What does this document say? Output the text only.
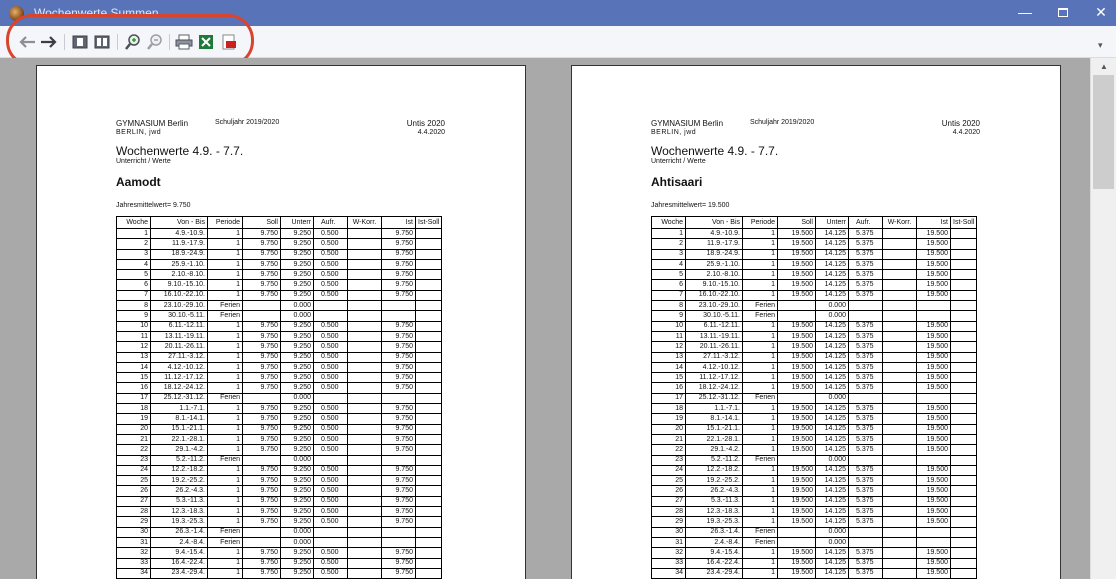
Wochenwerte Summen	—	✕
▾
GYMNASIUM Berlin
BERLIN, jwd
Schuljahr 2019/2020	Untis 2020
4.4.2020
Wochenwerte 4.9. - 7.7.
Unterricht / Werte
Aamodt
Jahresmittelwert= 9.750
Woche	Von - Bis	Periode	Soll	Unterr	Aufr.	W-Korr.	Ist	Ist-Soll
1	4.9.-10.9.	1	9.750	9.250	0.500		9.750	
2	11.9.-17.9.	1	9.750	9.250	0.500		9.750	
3	18.9.-24.9.	1	9.750	9.250	0.500		9.750	
4	25.9.-1.10.	1	9.750	9.250	0.500		9.750	
5	2.10.-8.10.	1	9.750	9.250	0.500		9.750	
6	9.10.-15.10.	1	9.750	9.250	0.500		9.750	
7	16.10.-22.10.	1	9.750	9.250	0.500		9.750	
8	23.10.-29.10.	Ferien		0.000				
9	30.10.-5.11.	Ferien		0.000				
10	6.11.-12.11.	1	9.750	9.250	0.500		9.750	
11	13.11.-19.11.	1	9.750	9.250	0.500		9.750	
12	20.11.-26.11.	1	9.750	9.250	0.500		9.750	
13	27.11.-3.12.	1	9.750	9.250	0.500		9.750	
14	4.12.-10.12.	1	9.750	9.250	0.500		9.750	
15	11.12.-17.12.	1	9.750	9.250	0.500		9.750	
16	18.12.-24.12.	1	9.750	9.250	0.500		9.750	
17	25.12.-31.12.	Ferien		0.000				
18	1.1.-7.1.	1	9.750	9.250	0.500		9.750	
19	8.1.-14.1.	1	9.750	9.250	0.500		9.750	
20	15.1.-21.1.	1	9.750	9.250	0.500		9.750	
21	22.1.-28.1.	1	9.750	9.250	0.500		9.750	
22	29.1.-4.2.	1	9.750	9.250	0.500		9.750	
23	5.2.-11.2.	Ferien		0.000				
24	12.2.-18.2.	1	9.750	9.250	0.500		9.750	
25	19.2.-25.2.	1	9.750	9.250	0.500		9.750	
26	26.2.-4.3.	1	9.750	9.250	0.500		9.750	
27	5.3.-11.3.	1	9.750	9.250	0.500		9.750	
28	12.3.-18.3.	1	9.750	9.250	0.500		9.750	
29	19.3.-25.3.	1	9.750	9.250	0.500		9.750	
30	26.3.-1.4.	Ferien		0.000				
31	2.4.-8.4.	Ferien		0.000				
32	9.4.-15.4.	1	9.750	9.250	0.500		9.750	
33	16.4.-22.4.	1	9.750	9.250	0.500		9.750	
34	23.4.-29.4.	1	9.750	9.250	0.500		9.750	
GYMNASIUM Berlin
BERLIN, jwd
Schuljahr 2019/2020	Untis 2020
4.4.2020
Wochenwerte 4.9. - 7.7.
Unterricht / Werte
Ahtisaari
Jahresmittelwert= 19.500
Woche	Von - Bis	Periode	Soll	Unterr	Aufr.	W-Korr.	Ist	Ist-Soll
1	4.9.-10.9.	1	19.500	14.125	5.375		19.500	
2	11.9.-17.9.	1	19.500	14.125	5.375		19.500	
3	18.9.-24.9.	1	19.500	14.125	5.375		19.500	
4	25.9.-1.10.	1	19.500	14.125	5.375		19.500	
5	2.10.-8.10.	1	19.500	14.125	5.375		19.500	
6	9.10.-15.10.	1	19.500	14.125	5.375		19.500	
7	16.10.-22.10.	1	19.500	14.125	5.375		19.500	
8	23.10.-29.10.	Ferien		0.000				
9	30.10.-5.11.	Ferien		0.000				
10	6.11.-12.11.	1	19.500	14.125	5.375		19.500	
11	13.11.-19.11.	1	19.500	14.125	5.375		19.500	
12	20.11.-26.11.	1	19.500	14.125	5.375		19.500	
13	27.11.-3.12.	1	19.500	14.125	5.375		19.500	
14	4.12.-10.12.	1	19.500	14.125	5.375		19.500	
15	11.12.-17.12.	1	19.500	14.125	5.375		19.500	
16	18.12.-24.12.	1	19.500	14.125	5.375		19.500	
17	25.12.-31.12.	Ferien		0.000				
18	1.1.-7.1.	1	19.500	14.125	5.375		19.500	
19	8.1.-14.1.	1	19.500	14.125	5.375		19.500	
20	15.1.-21.1.	1	19.500	14.125	5.375		19.500	
21	22.1.-28.1.	1	19.500	14.125	5.375		19.500	
22	29.1.-4.2.	1	19.500	14.125	5.375		19.500	
23	5.2.-11.2.	Ferien		0.000				
24	12.2.-18.2.	1	19.500	14.125	5.375		19.500	
25	19.2.-25.2.	1	19.500	14.125	5.375		19.500	
26	26.2.-4.3.	1	19.500	14.125	5.375		19.500	
27	5.3.-11.3.	1	19.500	14.125	5.375		19.500	
28	12.3.-18.3.	1	19.500	14.125	5.375		19.500	
29	19.3.-25.3.	1	19.500	14.125	5.375		19.500	
30	26.3.-1.4.	Ferien		0.000				
31	2.4.-8.4.	Ferien		0.000				
32	9.4.-15.4.	1	19.500	14.125	5.375		19.500	
33	16.4.-22.4.	1	19.500	14.125	5.375		19.500	
34	23.4.-29.4.	1	19.500	14.125	5.375		19.500	
▲
